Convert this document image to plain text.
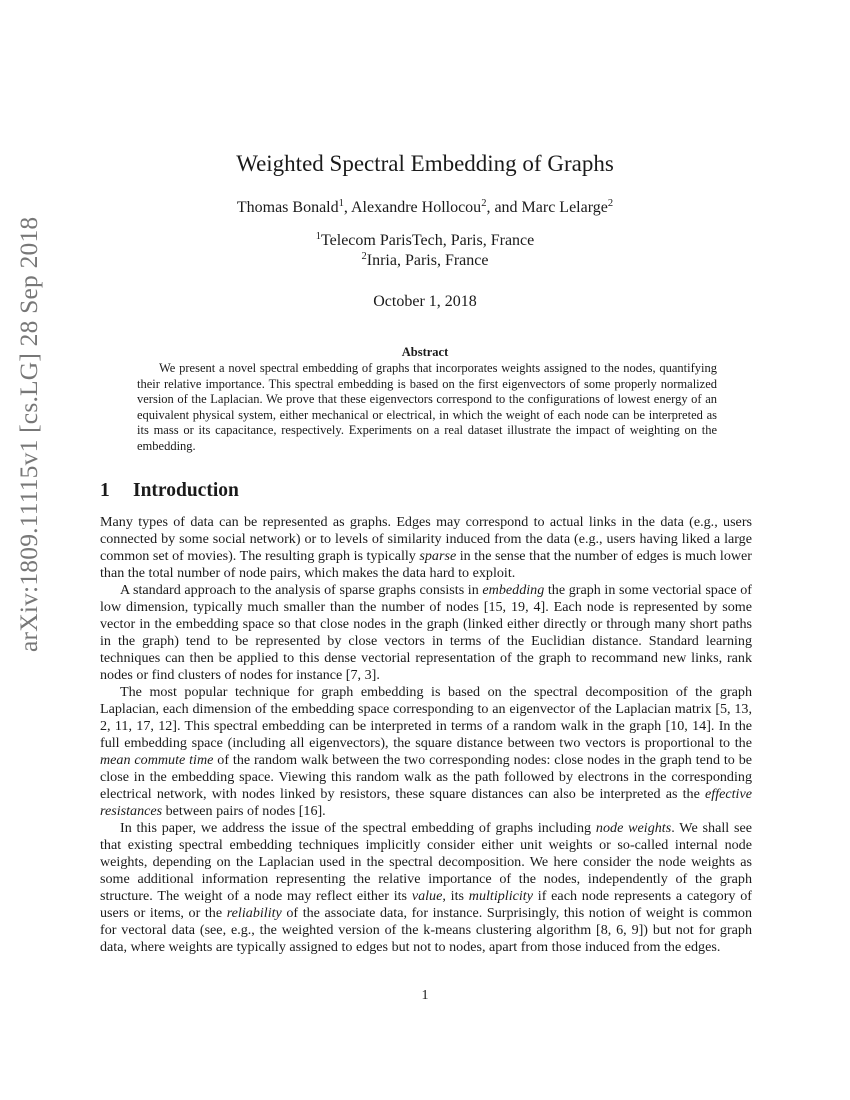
arXiv:1809.11115v1 [cs.LG] 28 Sep 2018
Weighted Spectral Embedding of Graphs
Thomas Bonald$^1$, Alexandre Hollocou$^2$, and Marc Lelarge$^2$
$^1$Telecom ParisTech, Paris, France
$^2$Inria, Paris, France
October 1, 2018
Abstract
We present a novel spectral embedding of graphs that incorporates weights assigned to the nodes, quantifying their relative importance. This spectral embedding is based on the first eigenvectors of some properly normalized version of the Laplacian. We prove that these eigenvectors correspond to the configurations of lowest energy of an equivalent physical system, either mechanical or electrical, in which the weight of each node can be interpreted as its mass or its capacitance, respectively. Experiments on a real dataset illustrate the impact of weighting on the embedding.
1 Introduction

Many types of data can be represented as graphs. Edges may correspond to actual links in the data (e.g., users connected by some social network) or to levels of similarity induced from the data (e.g., users having liked a large common set of movies). The resulting graph is typically sparse in the sense that the number of edges is much lower than the total number of node pairs, which makes the data hard to exploit.

A standard approach to the analysis of sparse graphs consists in embedding the graph in some vectorial space of low dimension, typically much smaller than the number of nodes [15, 19, 4]. Each node is represented by some vector in the embedding space so that close nodes in the graph (linked either directly or through many short paths in the graph) tend to be represented by close vectors in terms of the Euclidian distance. Standard learning techniques can then be applied to this dense vectorial representation of the graph to recommand new links, rank nodes or find clusters of nodes for instance [7, 3].

The most popular technique for graph embedding is based on the spectral decomposition of the graph Laplacian, each dimension of the embedding space corresponding to an eigenvector of the Laplacian matrix [5, 13, 2, 11, 17, 12]. This spectral embedding can be interpreted in terms of a random walk in the graph [10, 14]. In the full embedding space (including all eigenvectors), the square distance between two vectors is proportional to the mean commute time of the random walk between the two corresponding nodes: close nodes in the graph tend to be close in the embedding space. Viewing this random walk as the path followed by electrons in the corresponding electrical network, with nodes linked by resistors, these square distances can also be interpreted as the effective resistances between pairs of nodes [16].

In this paper, we address the issue of the spectral embedding of graphs including node weights. We shall see that existing spectral embedding techniques implicitly consider either unit weights or so-called internal node weights, depending on the Laplacian used in the spectral decomposition. We here consider the node weights as some additional information representing the relative importance of the nodes, independently of the graph structure. The weight of a node may reflect either its value, its multiplicity if each node represents a category of users or items, or the reliability of the associate data, for instance. Surprisingly, this notion of weight is common for vectoral data (see, e.g., the weighted version of the k-means clustering algorithm [8, 6, 9]) but not for graph data, where weights are typically assigned to edges but not to nodes, apart from those induced from the edges.

1
